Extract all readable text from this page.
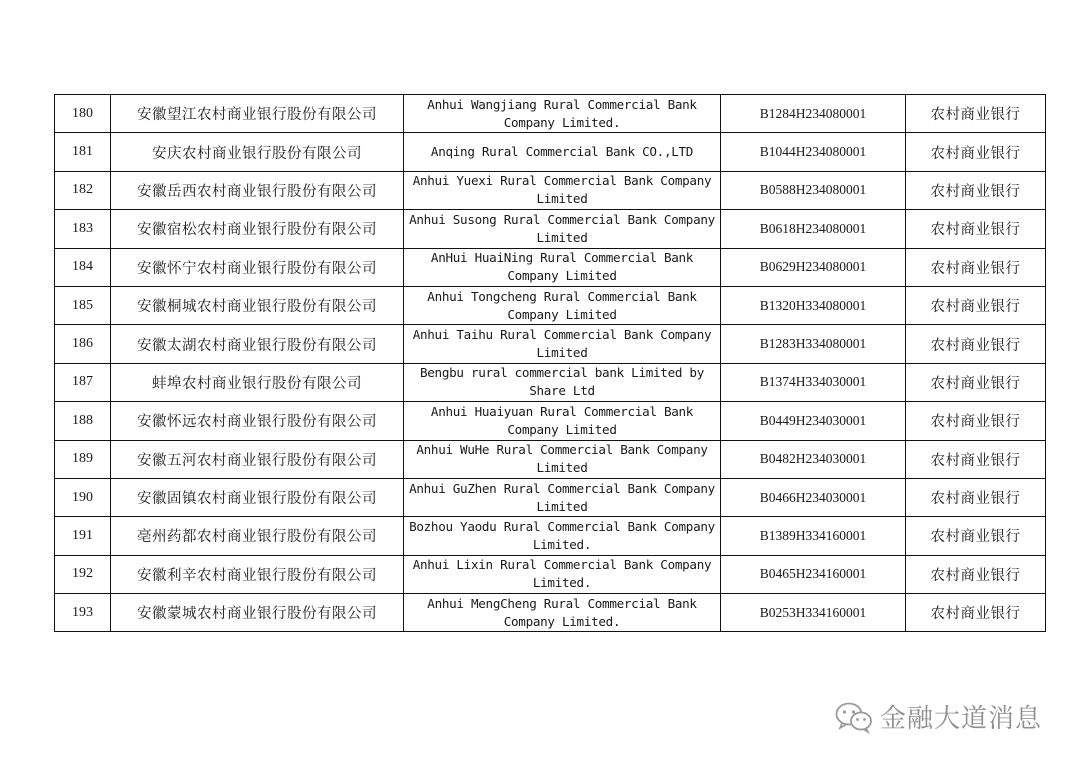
180	安徽望江农村商业银行股份有限公司	Anhui Wangjiang Rural Commercial Bank Company Limited.	B1284H234080001	农村商业银行
181	安庆农村商业银行股份有限公司	Anqing Rural Commercial Bank CO.,LTD	B1044H234080001	农村商业银行
182	安徽岳西农村商业银行股份有限公司	Anhui Yuexi Rural Commercial Bank Company Limited	B0588H234080001	农村商业银行
183	安徽宿松农村商业银行股份有限公司	Anhui Susong Rural Commercial Bank Company Limited	B0618H234080001	农村商业银行
184	安徽怀宁农村商业银行股份有限公司	AnHui HuaiNing Rural Commercial Bank Company Limited	B0629H234080001	农村商业银行
185	安徽桐城农村商业银行股份有限公司	Anhui Tongcheng Rural Commercial Bank Company Limited	B1320H334080001	农村商业银行
186	安徽太湖农村商业银行股份有限公司	Anhui Taihu Rural Commercial Bank Company Limited	B1283H334080001	农村商业银行
187	蚌埠农村商业银行股份有限公司	Bengbu rural commercial bank Limited by Share Ltd	B1374H334030001	农村商业银行
188	安徽怀远农村商业银行股份有限公司	Anhui Huaiyuan Rural Commercial Bank Company Limited	B0449H234030001	农村商业银行
189	安徽五河农村商业银行股份有限公司	Anhui WuHe Rural Commercial Bank Company Limited	B0482H234030001	农村商业银行
190	安徽固镇农村商业银行股份有限公司	Anhui GuZhen Rural Commercial Bank Company Limited	B0466H234030001	农村商业银行
191	亳州药都农村商业银行股份有限公司	Bozhou Yaodu Rural Commercial Bank Company Limited.	B1389H334160001	农村商业银行
192	安徽利辛农村商业银行股份有限公司	Anhui Lixin Rural Commercial Bank Company Limited.	B0465H234160001	农村商业银行
193	安徽蒙城农村商业银行股份有限公司	Anhui MengCheng Rural Commercial Bank Company Limited.	B0253H334160001	农村商业银行
金融大道消息
